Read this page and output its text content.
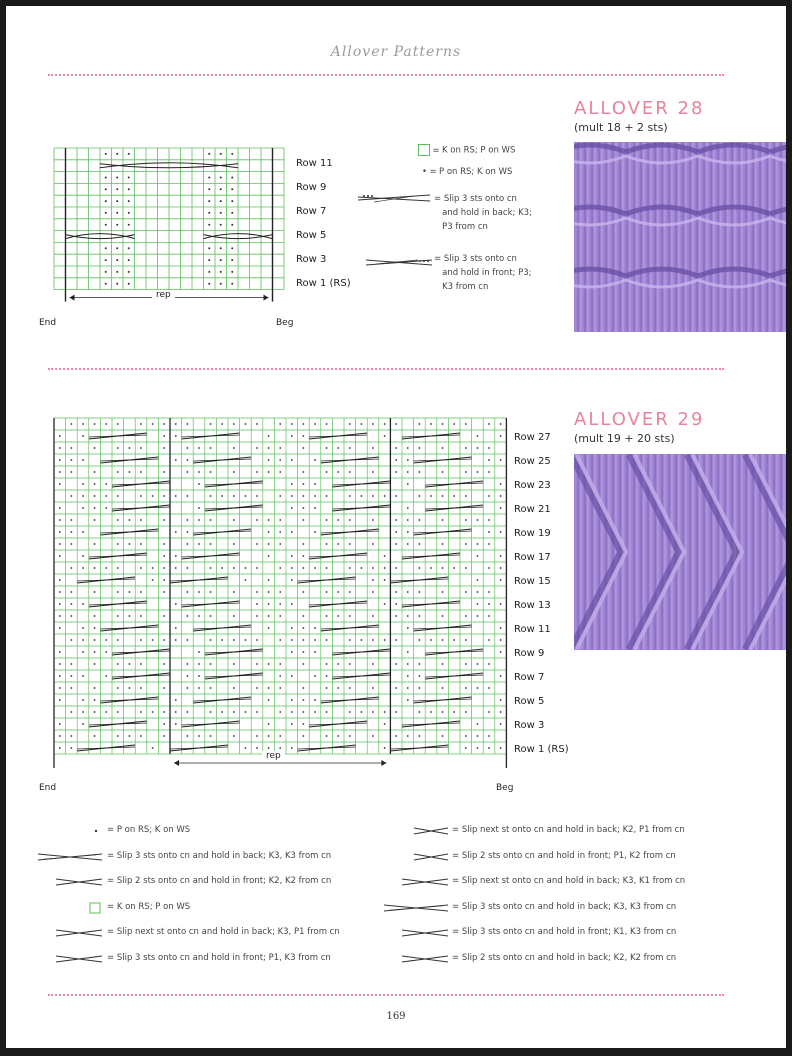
Allover Patterns
ALLOVER 28
(mult 18 + 2 sts)
Row 11
Row 9
Row 7
Row 5
Row 3
Row 1 (RS)
rep
End	Beg
=K on RS; P on WS
•=P on RS; K on WS
= Slip 3 sts onto cn
and hold in back; K3;
P3 from cn
= Slip 3 sts onto cn
and hold in front; P3;
K3 from cn
ALLOVER 29
(mult 19 + 20 sts)
Row 27
Row 25
Row 23
Row 21
Row 19
Row 17
Row 15
Row 13
Row 11
Row 9
Row 7
Row 5
Row 3
Row 1 (RS)
rep
End	Beg
= P on RS; K on WS
= Slip 3 sts onto cn and hold in back; K3, K3 from cn
= Slip 2 sts onto cn and hold in front; K2, K2 from cn
= K on RS; P on WS
= Slip next st onto cn and hold in back; K3, P1 from cn
= Slip 3 sts onto cn and hold in front; P1, K3 from cn
= Slip next st onto cn and hold in back; K2, P1 from cn
= Slip 2 sts onto cn and hold in front; P1, K2 from cn
= Slip next st onto cn and hold in back; K3, K1 from cn
= Slip 3 sts onto cn and hold in back; K3, K3 from cn
= Slip 3 sts onto cn and hold in front; K1, K3 from cn
= Slip 2 sts onto cn and hold in back; K2, K2 from cn
169
